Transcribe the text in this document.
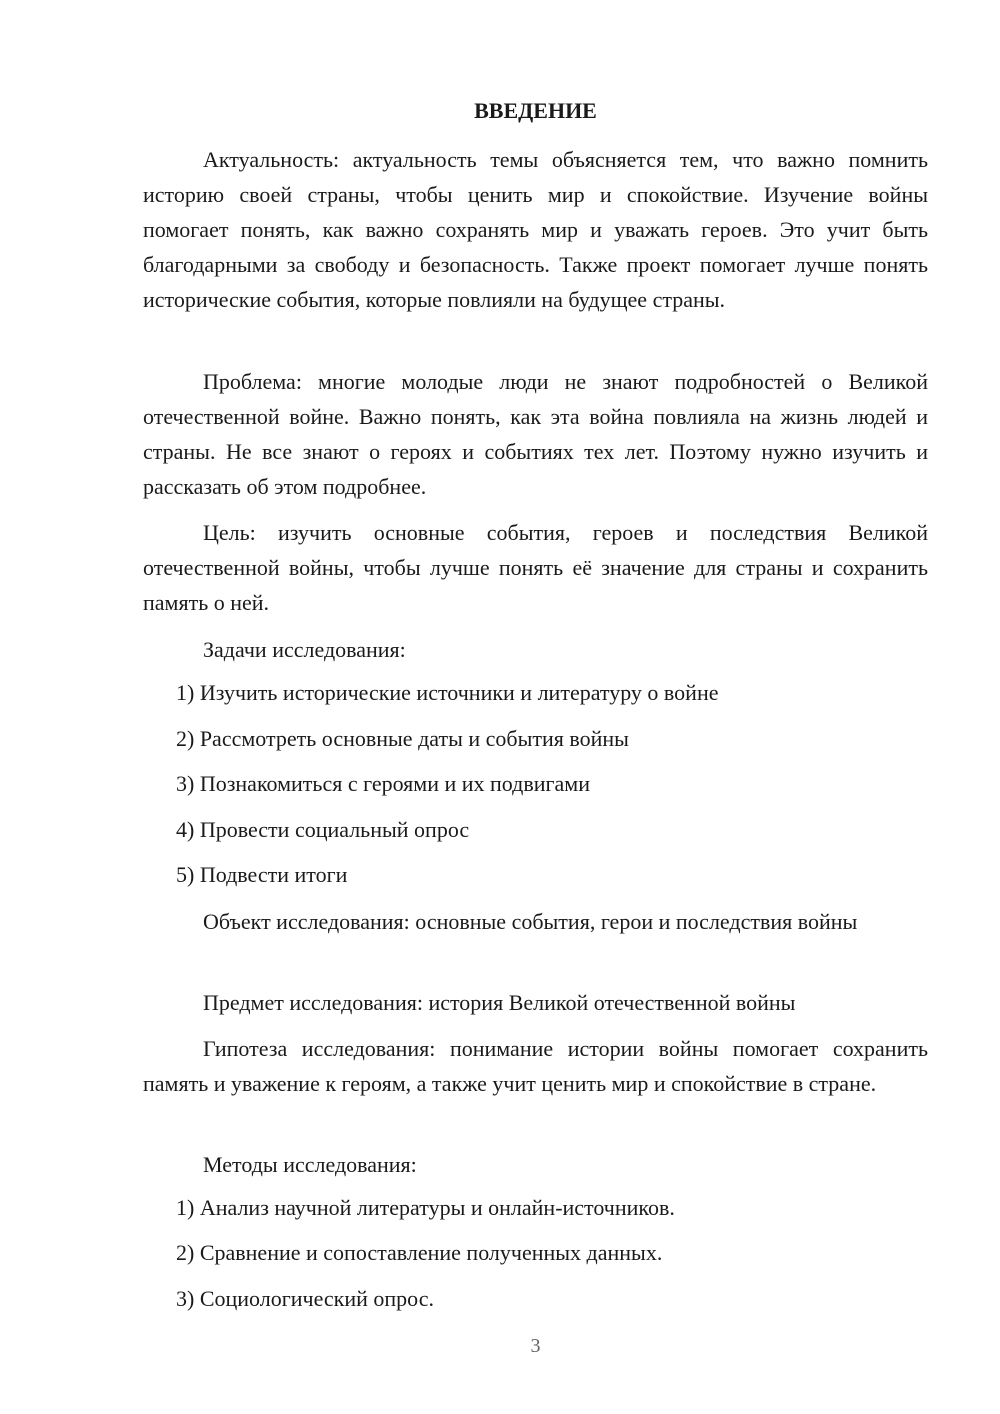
ВВЕДЕНИЕ

Актуальность: актуальность темы объясняется тем, что важно помнить историю своей страны, чтобы ценить мир и спокойствие. Изучение войны помогает понять, как важно сохранять мир и уважать героев. Это учит быть благодарными за свободу и безопасность. Также проект помогает лучше понять исторические события, которые повлияли на будущее страны.

Проблема: многие молодые люди не знают подробностей о Великой отечественной войне. Важно понять, как эта война повлияла на жизнь людей и страны. Не все знают о героях и событиях тех лет. Поэтому нужно изучить и рассказать об этом подробнее.

Цель: изучить основные события, героев и последствия Великой отечественной войны, чтобы лучше понять её значение для страны и сохранить память о ней.

Задачи исследования:

1) Изучить исторические источники и литературу о войне

2) Рассмотреть основные даты и события войны

3) Познакомиться с героями и их подвигами

4) Провести социальный опрос

5) Подвести итоги

Объект исследования: основные события, герои и последствия войны

Предмет исследования: история Великой отечественной войны

Гипотеза исследования: понимание истории войны помогает сохранить память и уважение к героям, а также учит ценить мир и спокойствие в стране.

Методы исследования:

1) Анализ научной литературы и онлайн-источников.

2) Сравнение и сопоставление полученных данных.

3) Социологический опрос.

3
